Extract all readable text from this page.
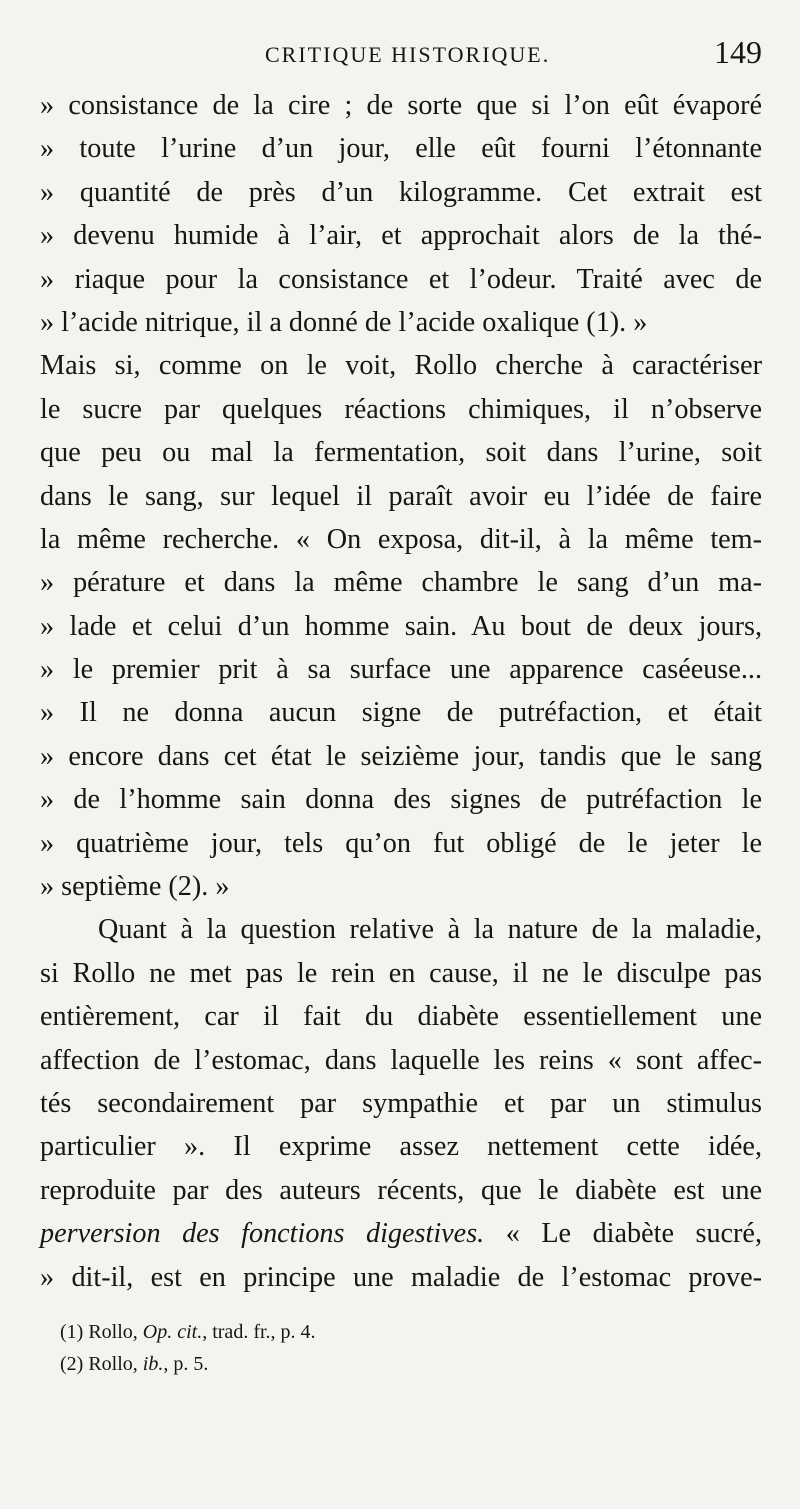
CRITIQUE HISTORIQUE.	149
» consistance de la cire ; de sorte que si l’on eût évaporé
» toute l’urine d’un jour, elle eût fourni l’étonnante
» quantité de près d’un kilogramme. Cet extrait est
» devenu humide à l’air, et approchait alors de la thé-
» riaque pour la consistance et l’odeur. Traité avec de
» l’acide nitrique, il a donné de l’acide oxalique (1). »
Mais si, comme on le voit, Rollo cherche à caractériser
le sucre par quelques réactions chimiques, il n’observe
que peu ou mal la fermentation, soit dans l’urine, soit
dans le sang, sur lequel il paraît avoir eu l’idée de faire
la même recherche. « On exposa, dit-il, à la même tem-
» pérature et dans la même chambre le sang d’un ma-
» lade et celui d’un homme sain. Au bout de deux jours,
» le premier prit à sa surface une apparence caséeuse...
» Il ne donna aucun signe de putréfaction, et était
» encore dans cet état le seizième jour, tandis que le sang
» de l’homme sain donna des signes de putréfaction le
» quatrième jour, tels qu’on fut obligé de le jeter le
» septième (2). »
Quant à la question relative à la nature de la maladie,
si Rollo ne met pas le rein en cause, il ne le disculpe pas
entièrement, car il fait du diabète essentiellement une
affection de l’estomac, dans laquelle les reins « sont affec-
tés secondairement par sympathie et par un stimulus
particulier ». Il exprime assez nettement cette idée,
reproduite par des auteurs récents, que le diabète est une
perversion des fonctions digestives. « Le diabète sucré,
» dit-il, est en principe une maladie de l’estomac prove-
(1) Rollo, Op. cit., trad. fr., p. 4.
(2) Rollo, ib., p. 5.
